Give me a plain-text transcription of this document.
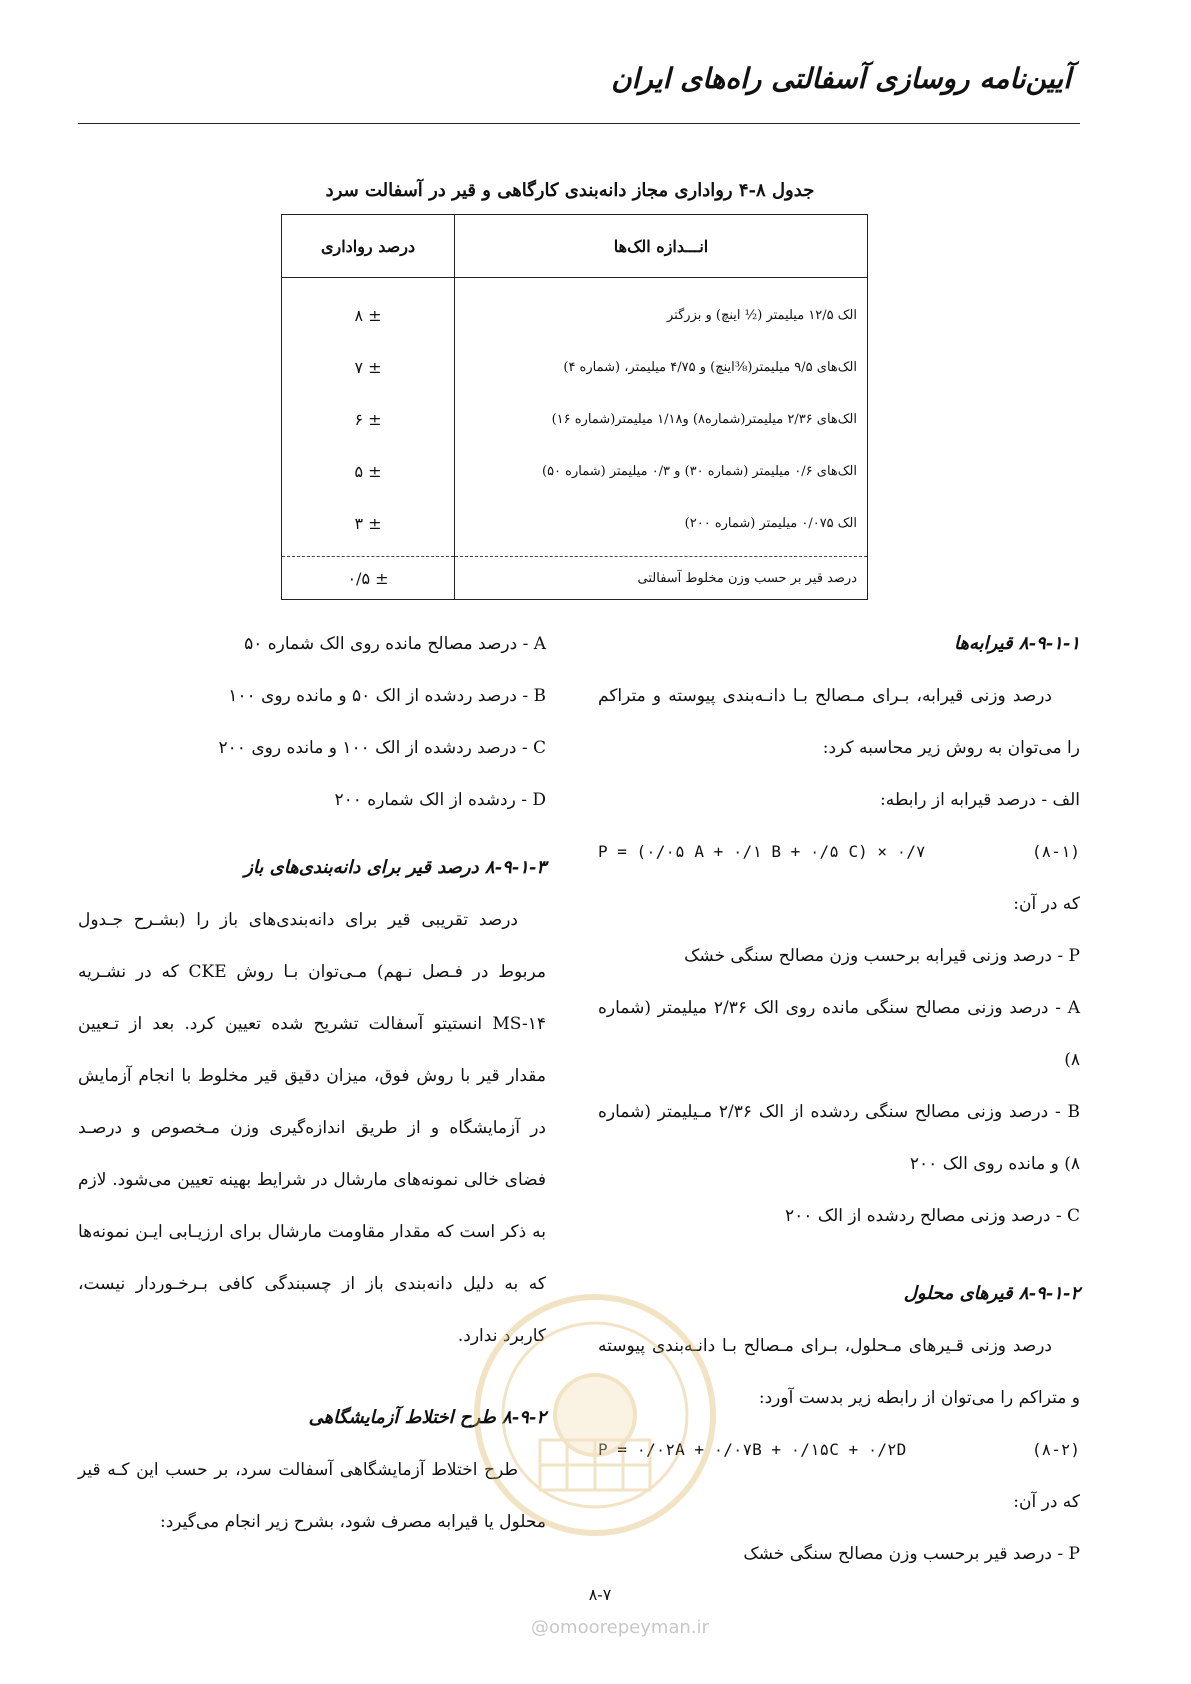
آیین‌نامه روسازی آسفالتی راه‌های ایران
جدول ۸-۴ رواداری مجاز دانه‌بندی کارگاهی و قیر در آسفالت سرد
انـــدازه الک‌ها	درصد رواداری
الک ۱۲/۵ میلیمتر (½ اینچ) و بزرگتر	± ۸
الک‌های ۹/۵ میلیمتر(⅜اینچ) و ۴/۷۵ میلیمتر، (شماره ۴)	± ۷
الک‌های ۲/۳۶ میلیمتر(شماره۸) و۱/۱۸ میلیمتر(شماره ۱۶)	± ۶
الک‌های ۰/۶ میلیمتر (شماره ۳۰) و ۰/۳ میلیمتر (شماره ۵۰)	± ۵
الک ۰/۰۷۵ میلیمتر (شماره ۲۰۰)	± ۳
درصد قیر بر حسب وزن مخلوط آسفالتی	± ۰/۵

۸-۹-۱-۱ قیرابه‌ها

درصد وزنی قیرابه، بـرای مـصالح بـا دانـه‌بندی پیوسته و متراکم را می‌توان به روش زیر محاسبه کرد:

الف - درصد قیرابه از رابطه:

P = (۰/۰۵ A + ۰/۱ B + ۰/۵ C) × ۰/۷	(۸-۱)

که در آن:

P - درصد وزنی قیرابه برحسب وزن مصالح سنگی خشک

A - درصد وزنی مصالح سنگی مانده روی الک ۲/۳۶ میلیمتر (شماره ۸)

B - درصد وزنی مصالح سنگی ردشده از الک ۲/۳۶ مـیلیمتر (شماره ۸) و مانده روی الک ۲۰۰

C - درصد وزنی مصالح ردشده از الک ۲۰۰

۸-۹-۱-۲ قیرهای محلول

درصد وزنی قـیرهای مـحلول، بـرای مـصالح بـا دانـه‌بندی پیوسته و متراکم را می‌توان از رابطه زیر بدست آورد:

P = ۰/۰۲A + ۰/۰۷B + ۰/۱۵C + ۰/۲D	(۸-۲)

که در آن:

P - درصد قیر برحسب وزن مصالح سنگی خشک

A - درصد مصالح مانده روی الک شماره ۵۰

B - درصد ردشده از الک ۵۰ و مانده روی ۱۰۰

C - درصد ردشده از الک ۱۰۰ و مانده روی ۲۰۰

D - ردشده از الک شماره ۲۰۰

۸-۹-۱-۳ درصد قیر برای دانه‌بندی‌های باز

درصد تقریبی قیر برای دانه‌بندی‌های باز را (بشـرح جـدول مربوط در فـصل نـهم) مـی‌توان بـا روش CKE که در نشـریه MS-۱۴ انستیتو آسفالت تشریح شده تعیین کرد. بعد از تـعیین مقدار قیر با روش فوق، میزان دقیق قیر مخلوط با انجام آزمایش در آزمایشگاه و از طریق اندازه‌گیری وزن مـخصوص و درصـد فضای خالی نمونه‌های مارشال در شرایط بهینه تعیین می‌شود. لازم به ذکر است که مقدار مقاومت مارشال برای ارزیـابی ایـن نمونه‌ها که به دلیل دانه‌بندی باز از چسبندگی کافی بـرخـوردار نیست، کاربرد ندارد.

۸-۹-۲ طرح اختلاط آزمایشگاهی

طرح اختلاط آزمایشگاهی آسفالت سرد، بر حسب این کـه قیر محلول یا قیرابه مصرف شود، بشرح زیر انجام می‌گیرد:

۸-۷
@omoorepeyman.ir
